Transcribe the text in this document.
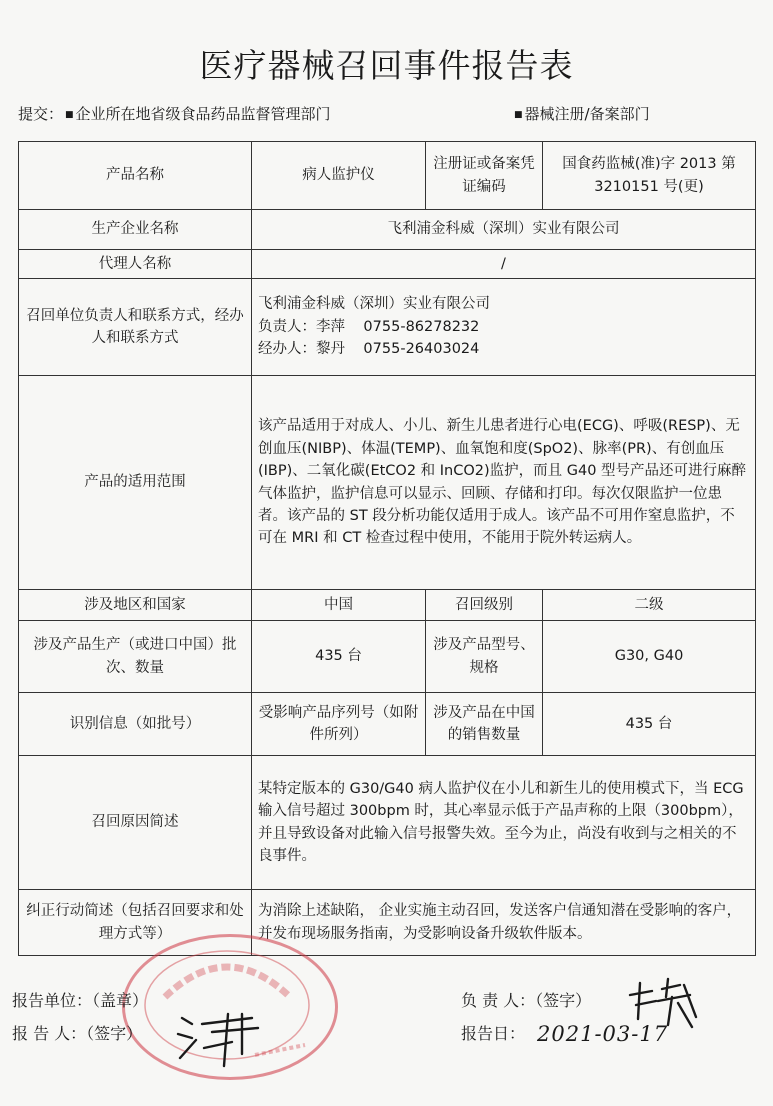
医疗器械召回事件报告表
提交： ■ 企业所在地省级食品药品监督管理部门	■ 器械注册/备案部门
产品名称	病人监护仪	注册证或备案凭证编码	国食药监械(准)字 2013 第 3210151 号(更)
生产企业名称	飞利浦金科威（深圳）实业有限公司		
代理人名称	/		
召回单位负责人和联系方式，经办人和联系方式	飞利浦金科威（深圳）实业有限公司
负责人：李萍    0755-86278232
经办人：黎丹    0755-26403024		

产品的适用范围	该产品适用于对成人、小儿、新生儿患者进行心电(ECG)、呼吸(RESP)、无创血压(NIBP)、体温(TEMP)、血氧饱和度(SpO2)、脉率(PR)、有创血压(IBP)、二氧化碳(EtCO2 和 InCO2)监护，而且 G40 型号产品还可进行麻醉气体监护，监护信息可以显示、回顾、存储和打印。每次仅限监护一位患者。该产品的 ST 段分析功能仅适用于成人。该产品不可用作窒息监护，不可在 MRI 和 CT 检查过程中使用，不能用于院外转运病人。		
涉及地区和国家	中国	召回级别	二级
涉及产品生产（或进口中国）批次、数量	435 台	涉及产品型号、规格	G30, G40
识别信息（如批号）	受影响产品序列号（如附件所列）	涉及产品在中国的销售数量	435 台
召回原因简述	某特定版本的 G30/G40 病人监护仪在小儿和新生儿的使用模式下，当 ECG 输入信号超过 300bpm 时，其心率显示低于产品声称的上限（300bpm），并且导致设备对此输入信号报警失效。至今为止，尚没有收到与之相关的不良事件。		
纠正行动简述（包括召回要求和处理方式等）	为消除上述缺陷， 企业实施主动召回，发送客户信通知潜在受影响的客户，并发布现场服务指南，为受影响设备升级软件版本。		
报告单位：（盖章）
报 告 人：（签字）
负 责 人：（签字）
报告日： 2021-03-17
